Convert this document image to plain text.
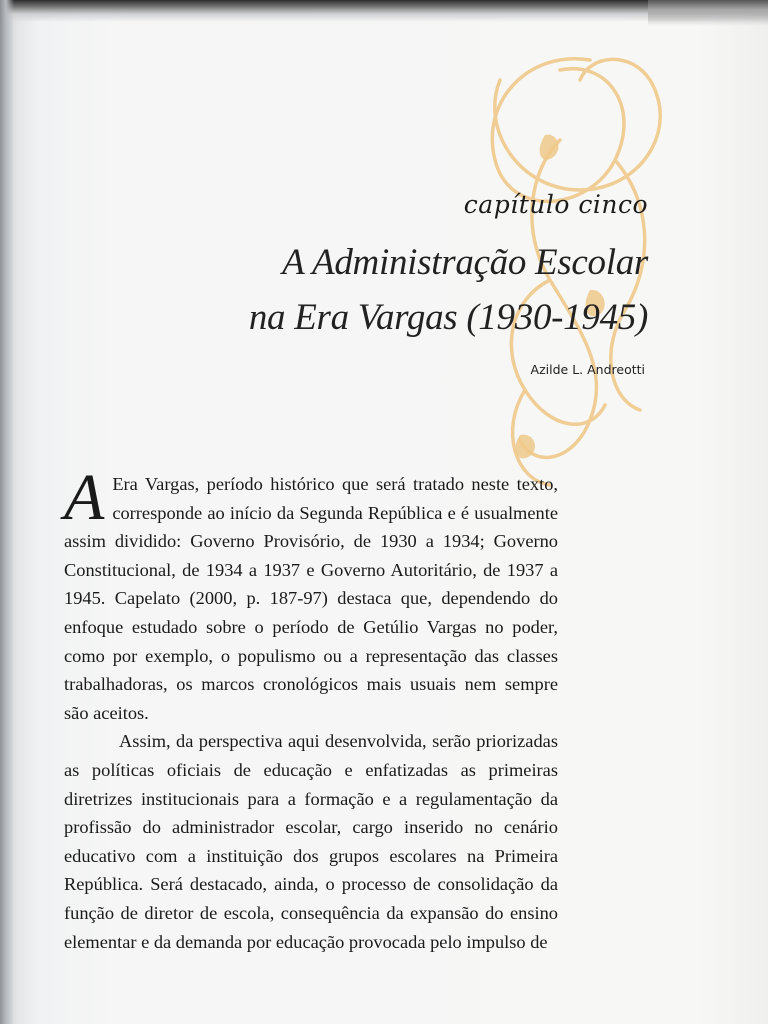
capítulo cinco
A Administração Escolar
na Era Vargas (1930-1945)
Azilde L. Andreotti

A Era Vargas, período histórico que será tratado neste texto, corresponde ao início da Segunda República e é usualmente assim dividido: Governo Provisório, de 1930 a 1934; Governo Constitucional, de 1934 a 1937 e Governo Autoritário, de 1937 a 1945. Capelato (2000, p. 187-97) destaca que, dependendo do enfoque estudado sobre o período de Getúlio Vargas no poder, como por exemplo, o populismo ou a representação das classes trabalhadoras, os marcos cronológicos mais usuais nem sempre são aceitos.

Assim, da perspectiva aqui desenvolvida, serão priorizadas as políticas oficiais de educação e enfatizadas as primeiras diretrizes institucionais para a formação e a regulamentação da profissão do administrador escolar, cargo inserido no cenário educativo com a instituição dos grupos escolares na Primeira República. Será destacado, ainda, o processo de consolidação da função de diretor de escola, consequência da expansão do ensino elementar e da demanda por educação provocada pelo impulso de
